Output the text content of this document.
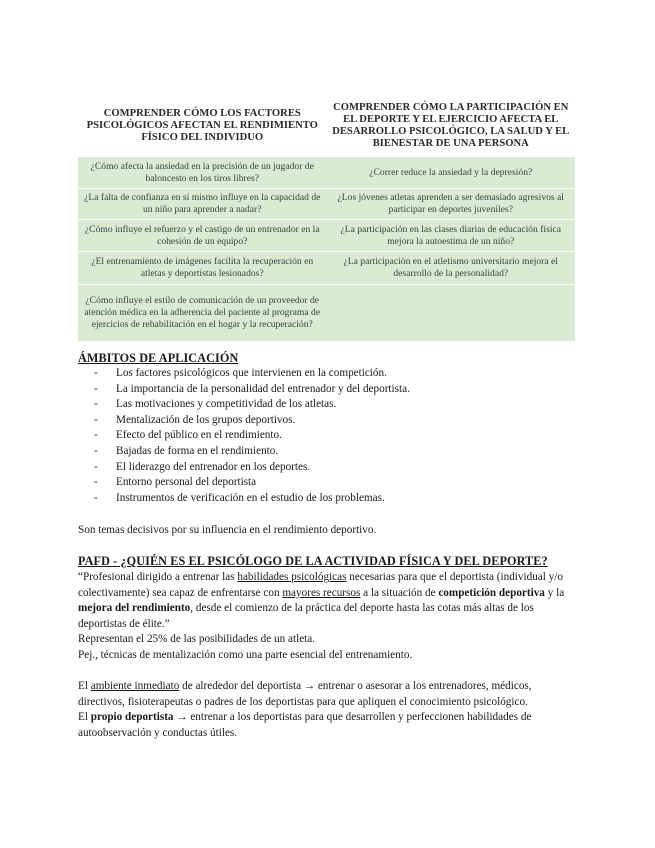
COMPRENDER CÓMO LOS FACTORES PSICOLÓGICOS AFECTAN EL RENDIMIENTO FÍSICO DEL INDIVIDUO	COMPRENDER CÓMO LA PARTICIPACIÓN EN EL DEPORTE Y EL EJERCICIO AFECTA EL DESARROLLO PSICOLÓGICO, LA SALUD Y EL BIENESTAR DE UNA PERSONA
¿Cómo afecta la ansiedad en la precisión de un jugador de baloncesto en los tiros libres?	¿Correr reduce la ansiedad y la depresión?
¿La falta de confianza en sí mismo influye en la capacidad de un niño para aprender a nadar?	¿Los jóvenes atletas aprenden a ser demasiado agresivos al participar en deportes juveniles?
¿Cómo influye el refuerzo y el castigo de un entrenador en la cohesión de un equipo?	¿La participación en las clases diarias de educación física mejora la autoestima de un niño?
¿El entrenamiento de imágenes facilita la recuperación en atletas y deportistas lesionados?	¿La participación en el atletismo universitario mejora el desarrollo de la personalidad?
¿Cómo influye el estilo de comunicación de un proveedor de atención médica en la adherencia del paciente al programa de ejercicios de rehabilitación en el hogar y la recuperación?	
ÁMBITOS DE APLICACIÓN
- Los factores psicológicos que intervienen en la competición.
- La importancia de la personalidad del entrenador y del deportista.
- Las motivaciones y competitividad de los atletas.
- Mentalización de los grupos deportivos.
- Efecto del público en el rendimiento.
- Bajadas de forma en el rendimiento.
- El liderazgo del entrenador en los deportes.
- Entorno personal del deportista
- Instrumentos de verificación en el estudio de los problemas.

Son temas decisivos por su influencia en el rendimiento deportivo.

PAFD - ¿QUIÉN ES EL PSICÓLOGO DE LA ACTIVIDAD FÍSICA Y DEL DEPORTE?

“Profesional dirigido a entrenar las habilidades psicológicas necesarias para que el deportista (individual y/o colectivamente) sea capaz de enfrentarse con mayores recursos a la situación de competición deportiva y la mejora del rendimiento, desde el comienzo de la práctica del deporte hasta las cotas más altas de los deportistas de élite.”

Representan el 25% de las posibilidades de un atleta.

Pej., técnicas de mentalización como una parte esencial del entrenamiento.

El ambiente inmediato de alrededor del deportista → entrenar o asesorar a los entrenadores, médicos, directivos, fisioterapeutas o padres de los deportistas para que apliquen el conocimiento psicológico.

El propio deportista → entrenar a los deportistas para que desarrollen y perfeccionen habilidades de autoobservación y conductas útiles.
